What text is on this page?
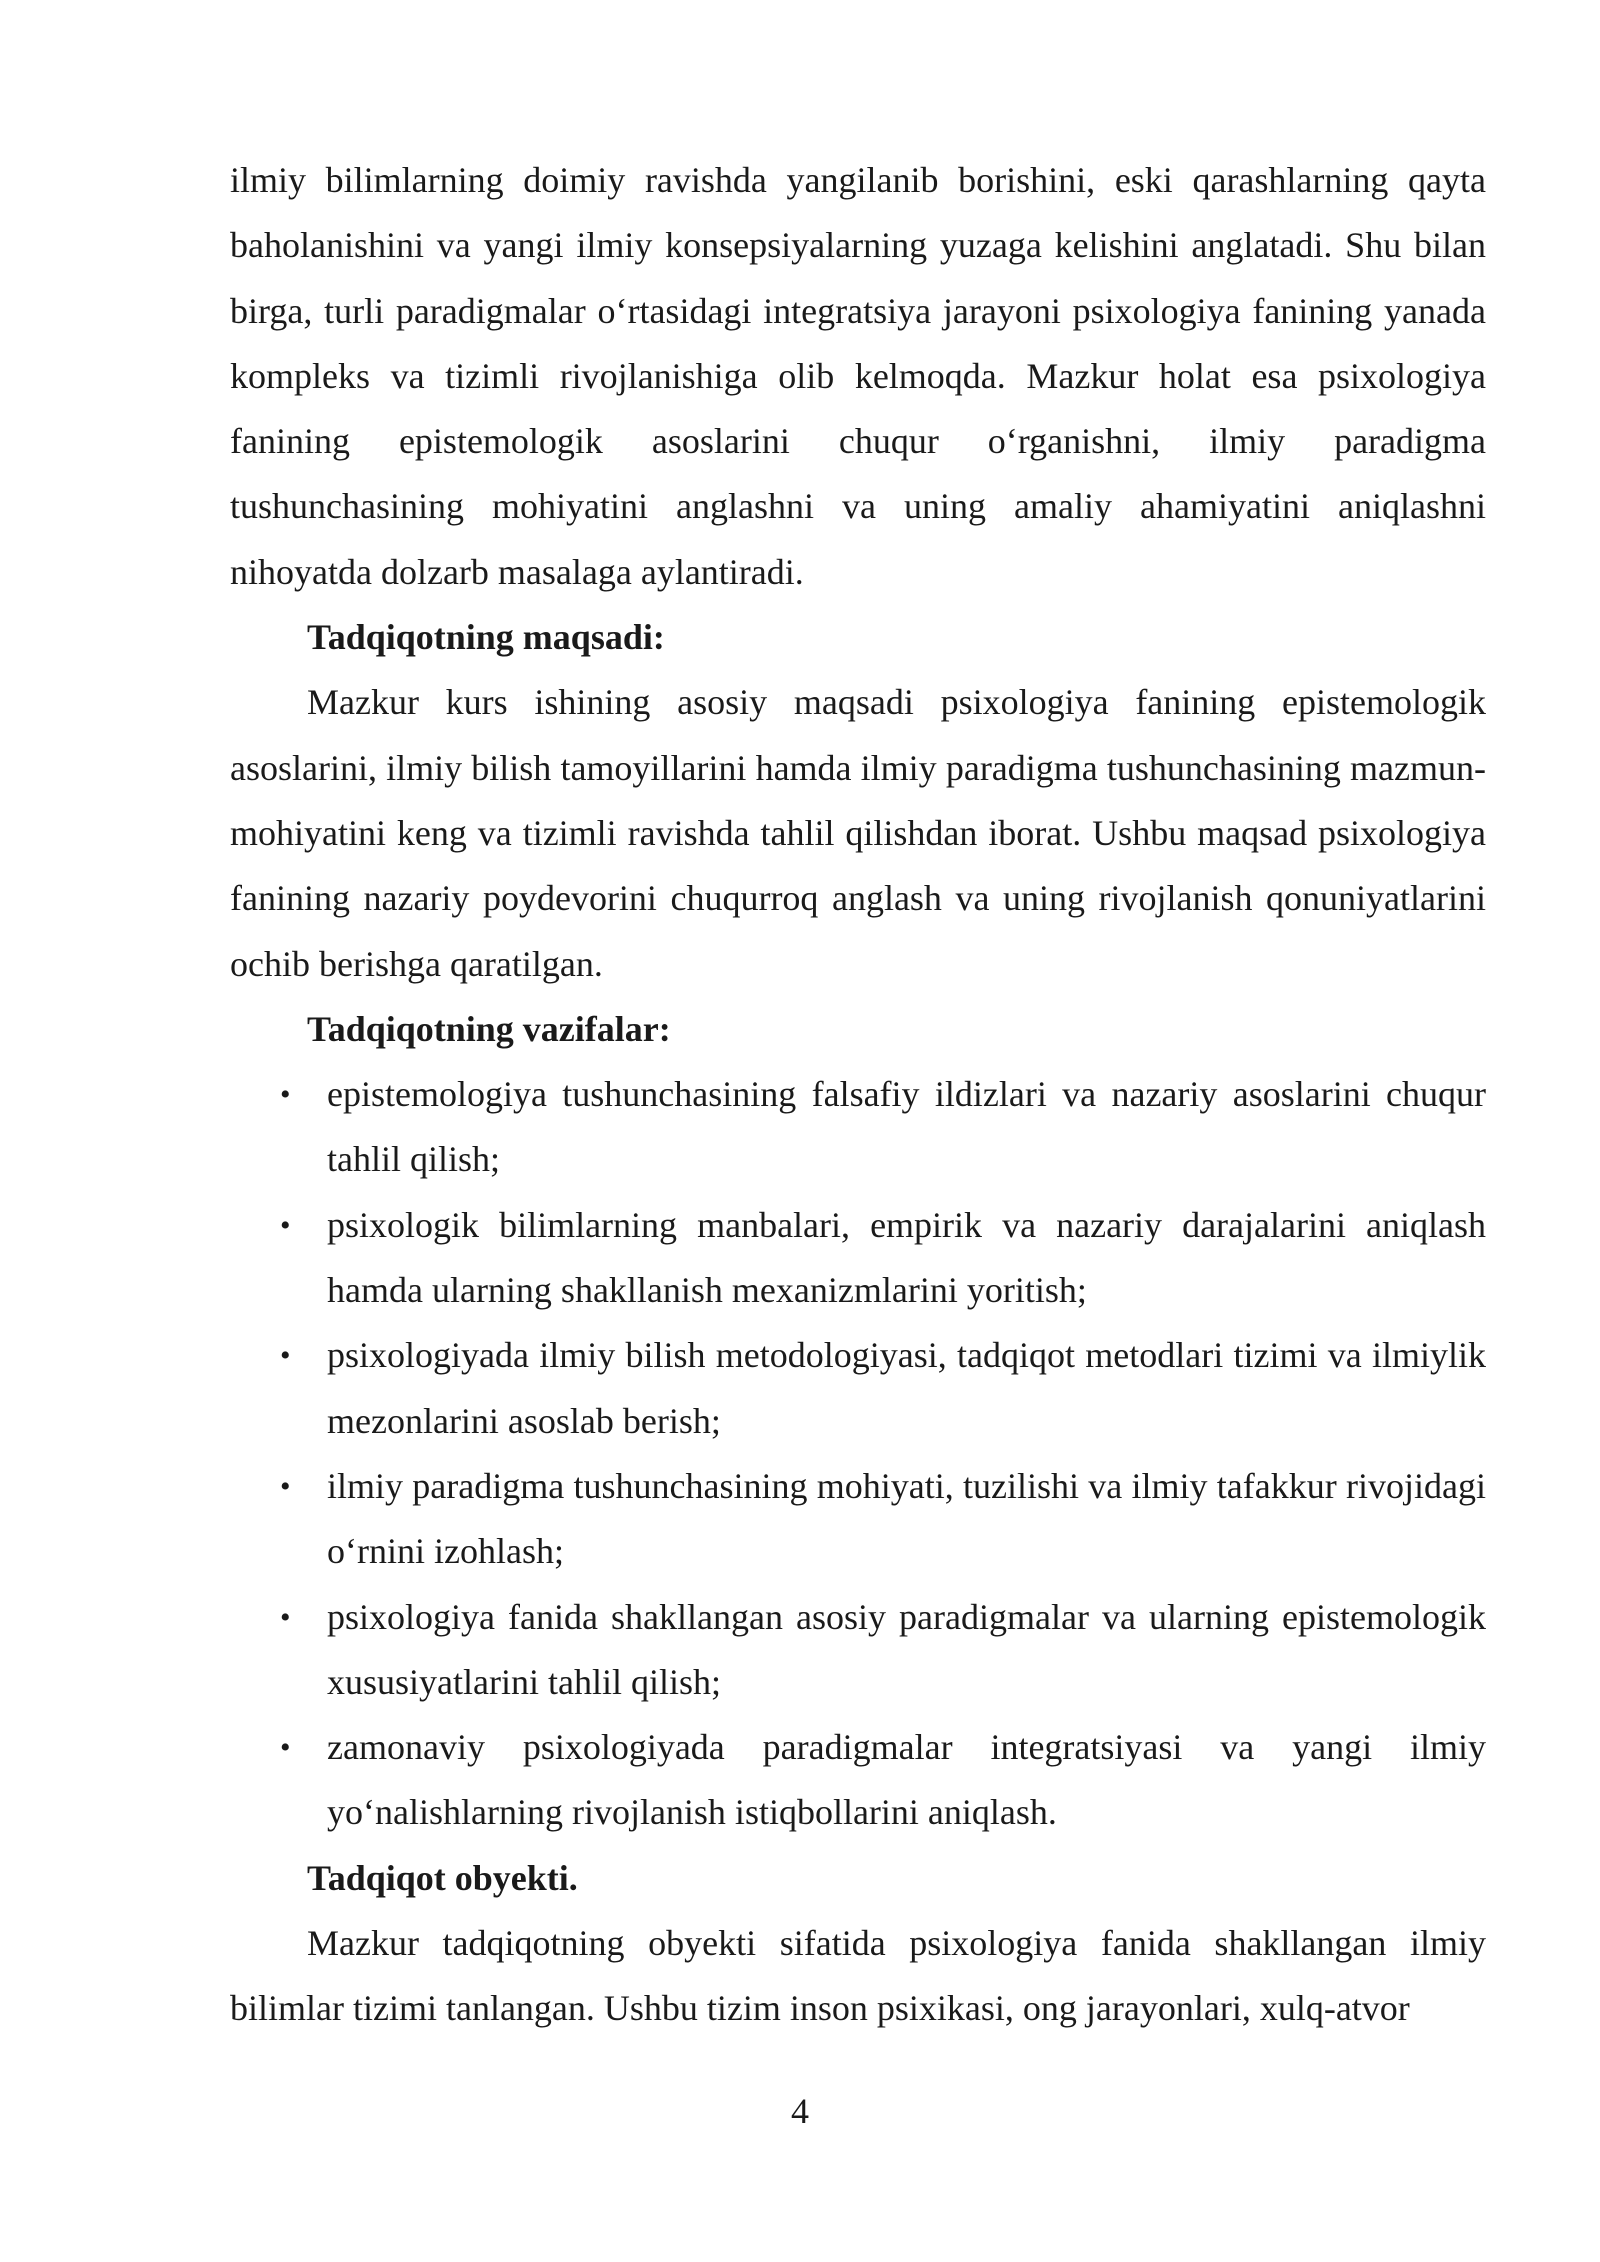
ilmiy bilimlarning doimiy ravishda yangilanib borishini, eski qarashlarning qayta baholanishini va yangi ilmiy konsepsiyalarning yuzaga kelishini anglatadi. Shu bilan birga, turli paradigmalar o‘rtasidagi integratsiya jarayoni psixologiya fanining yanada kompleks va tizimli rivojlanishiga olib kelmoqda. Mazkur holat esa psixologiya fanining epistemologik asoslarini chuqur o‘rganishni, ilmiy paradigma tushunchasining mohiyatini anglashni va uning amaliy ahamiyatini aniqlashni nihoyatda dolzarb masalaga aylantiradi.

Tadqiqotning maqsadi:

Mazkur kurs ishining asosiy maqsadi psixologiya fanining epistemologik asoslarini, ilmiy bilish tamoyillarini hamda ilmiy paradigma tushunchasining mazmun-mohiyatini keng va tizimli ravishda tahlil qilishdan iborat. Ushbu maqsad psixologiya fanining nazariy poydevorini chuqurroq anglash va uning rivojlanish qonuniyatlarini ochib berishga qaratilgan.

Tadqiqotning vazifalar:

• epistemologiya tushunchasining falsafiy ildizlari va nazariy asoslarini chuqur tahlil qilish;
• psixologik bilimlarning manbalari, empirik va nazariy darajalarini aniqlash hamda ularning shakllanish mexanizmlarini yoritish;
• psixologiyada ilmiy bilish metodologiyasi, tadqiqot metodlari tizimi va ilmiylik mezonlarini asoslab berish;
• ilmiy paradigma tushunchasining mohiyati, tuzilishi va ilmiy tafakkur rivojidagi o‘rnini izohlash;
• psixologiya fanida shakllangan asosiy paradigmalar va ularning epistemologik xususiyatlarini tahlil qilish;
• zamonaviy psixologiyada paradigmalar integratsiyasi va yangi ilmiy yo‘nalishlarning rivojlanish istiqbollarini aniqlash.

Tadqiqot obyekti.

Mazkur tadqiqotning obyekti sifatida psixologiya fanida shakllangan ilmiy bilimlar tizimi tanlangan. Ushbu tizim inson psixikasi, ong jarayonlari, xulq-atvor

4
